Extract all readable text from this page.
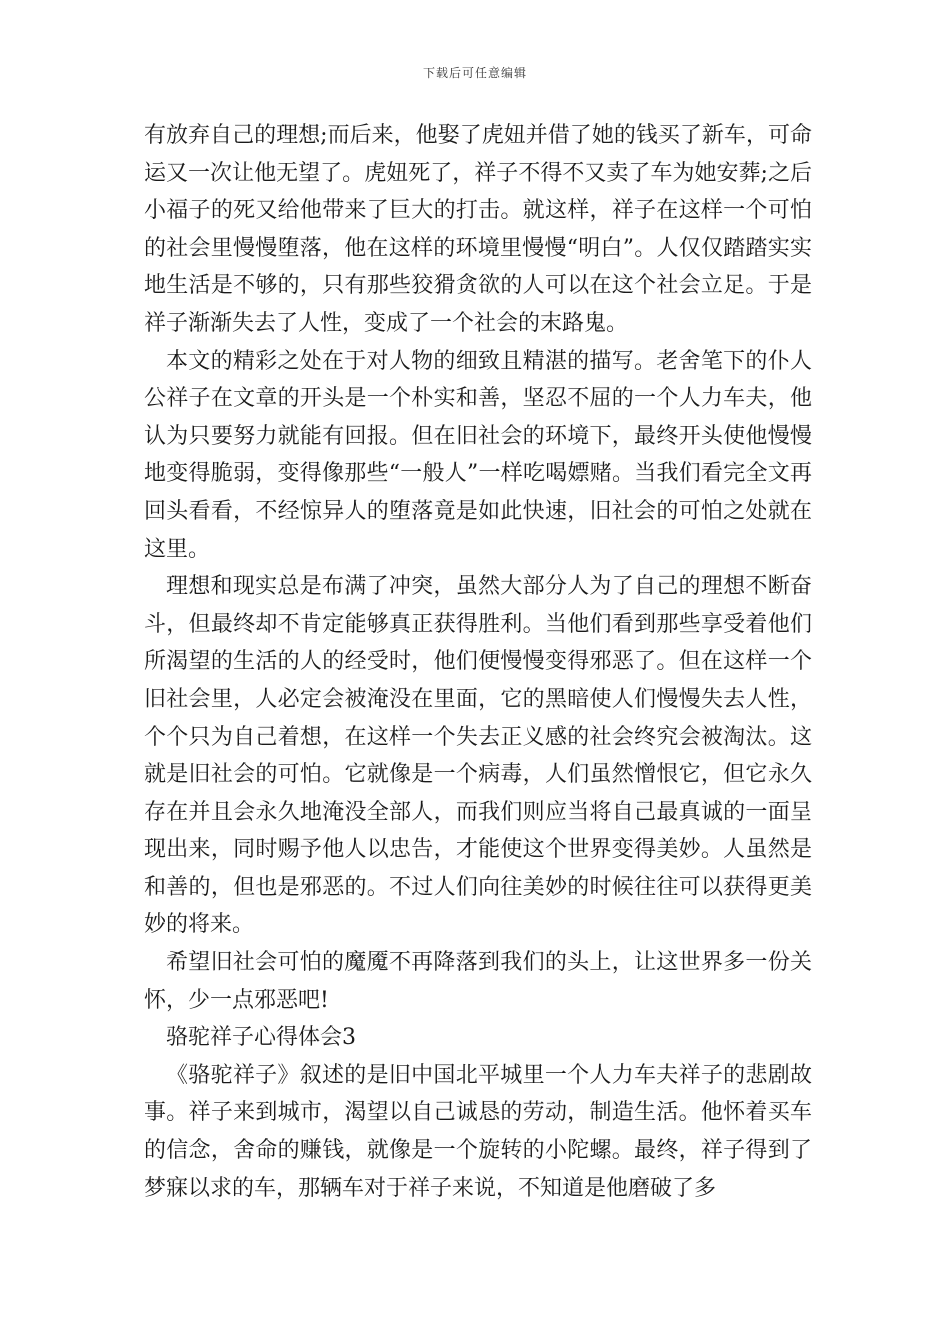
下载后可任意编辑

有放弃自己的理想;而后来，他娶了虎妞并借了她的钱买了新车，可命运又一次让他无望了。虎妞死了，祥子不得不又卖了车为她安葬;之后小福子的死又给他带来了巨大的打击。就这样，祥子在这样一个可怕的社会里慢慢堕落，他在这样的环境里慢慢“明白”。人仅仅踏踏实实地生活是不够的，只有那些狡猾贪欲的人可以在这个社会立足。于是祥子渐渐失去了人性，变成了一个社会的末路鬼。

本文的精彩之处在于对人物的细致且精湛的描写。老舍笔下的仆人公祥子在文章的开头是一个朴实和善，坚忍不屈的一个人力车夫，他认为只要努力就能有回报。但在旧社会的环境下，最终开头使他慢慢地变得脆弱，变得像那些“一般人”一样吃喝嫖赌。当我们看完全文再回头看看，不经惊异人的堕落竟是如此快速，旧社会的可怕之处就在这里。

理想和现实总是布满了冲突，虽然大部分人为了自己的理想不断奋斗，但最终却不肯定能够真正获得胜利。当他们看到那些享受着他们所渴望的生活的人的经受时，他们便慢慢变得邪恶了。但在这样一个旧社会里，人必定会被淹没在里面，它的黑暗使人们慢慢失去人性，个个只为自己着想，在这样一个失去正义感的社会终究会被淘汰。这就是旧社会的可怕。它就像是一个病毒，人们虽然憎恨它，但它永久存在并且会永久地淹没全部人，而我们则应当将自己最真诚的一面呈现出来，同时赐予他人以忠告，才能使这个世界变得美妙。人虽然是和善的，但也是邪恶的。不过人们向往美妙的时候往往可以获得更美妙的将来。

希望旧社会可怕的魔魇不再降落到我们的头上，让这世界多一份关怀，少一点邪恶吧!

骆驼祥子心得体会3

《骆驼祥子》叙述的是旧中国北平城里一个人力车夫祥子的悲剧故事。祥子来到城市，渴望以自己诚恳的劳动，制造生活。他怀着买车的信念，舍命的赚钱，就像是一个旋转的小陀螺。最终，祥子得到了梦寐以求的车，那辆车对于祥子来说，不知道是他磨破了多
